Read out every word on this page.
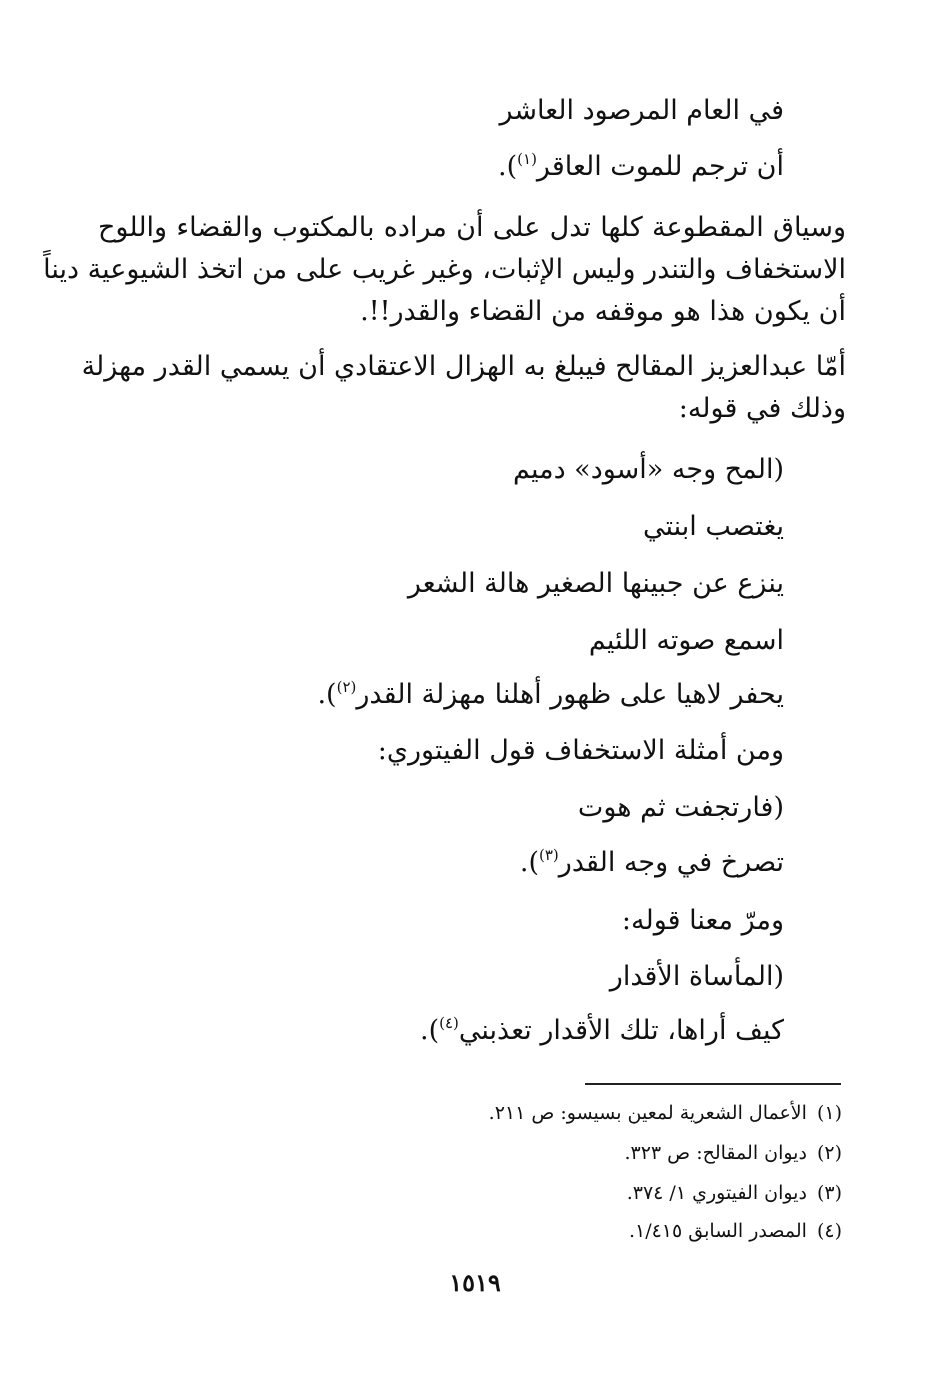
في العام المرصود العاشر
أن ترجم للموت العاقر$^{(١)}$).
وسياق المقطوعة كلها تدل على أن مراده بالمكتوب والقضاء واللوح
الاستخفاف والتندر وليس الإثبات، وغير غريب على من اتخذ الشيوعية ديناً
أن يكون هذا هو موقفه من القضاء والقدر!!.
أمّا عبدالعزيز المقالح فيبلغ به الهزال الاعتقادي أن يسمي القدر مهزلة
وذلك في قوله:
(المح وجه «أسود» دميم
يغتصب ابنتي
ينزع عن جبينها الصغير هالة الشعر
اسمع صوته اللئيم
يحفر لاهيا على ظهور أهلنا مهزلة القدر$^{(٢)}$).
ومن أمثلة الاستخفاف قول الفيتوري:
(فارتجفت ثم هوت
تصرخ في وجه القدر$^{(٣)}$).
ومرّ معنا قوله:
(المأساة الأقدار
كيف أراها، تلك الأقدار تعذبني$^{(٤)}$).
(١)الأعمال الشعرية لمعين بسيسو: ص ٢١١.
(٢)ديوان المقالح: ص ٣٢٣.
(٣)ديوان الفيتوري ١/ ٣٧٤.
(٤)المصدر السابق ١/٤١٥.
١٥١٩
